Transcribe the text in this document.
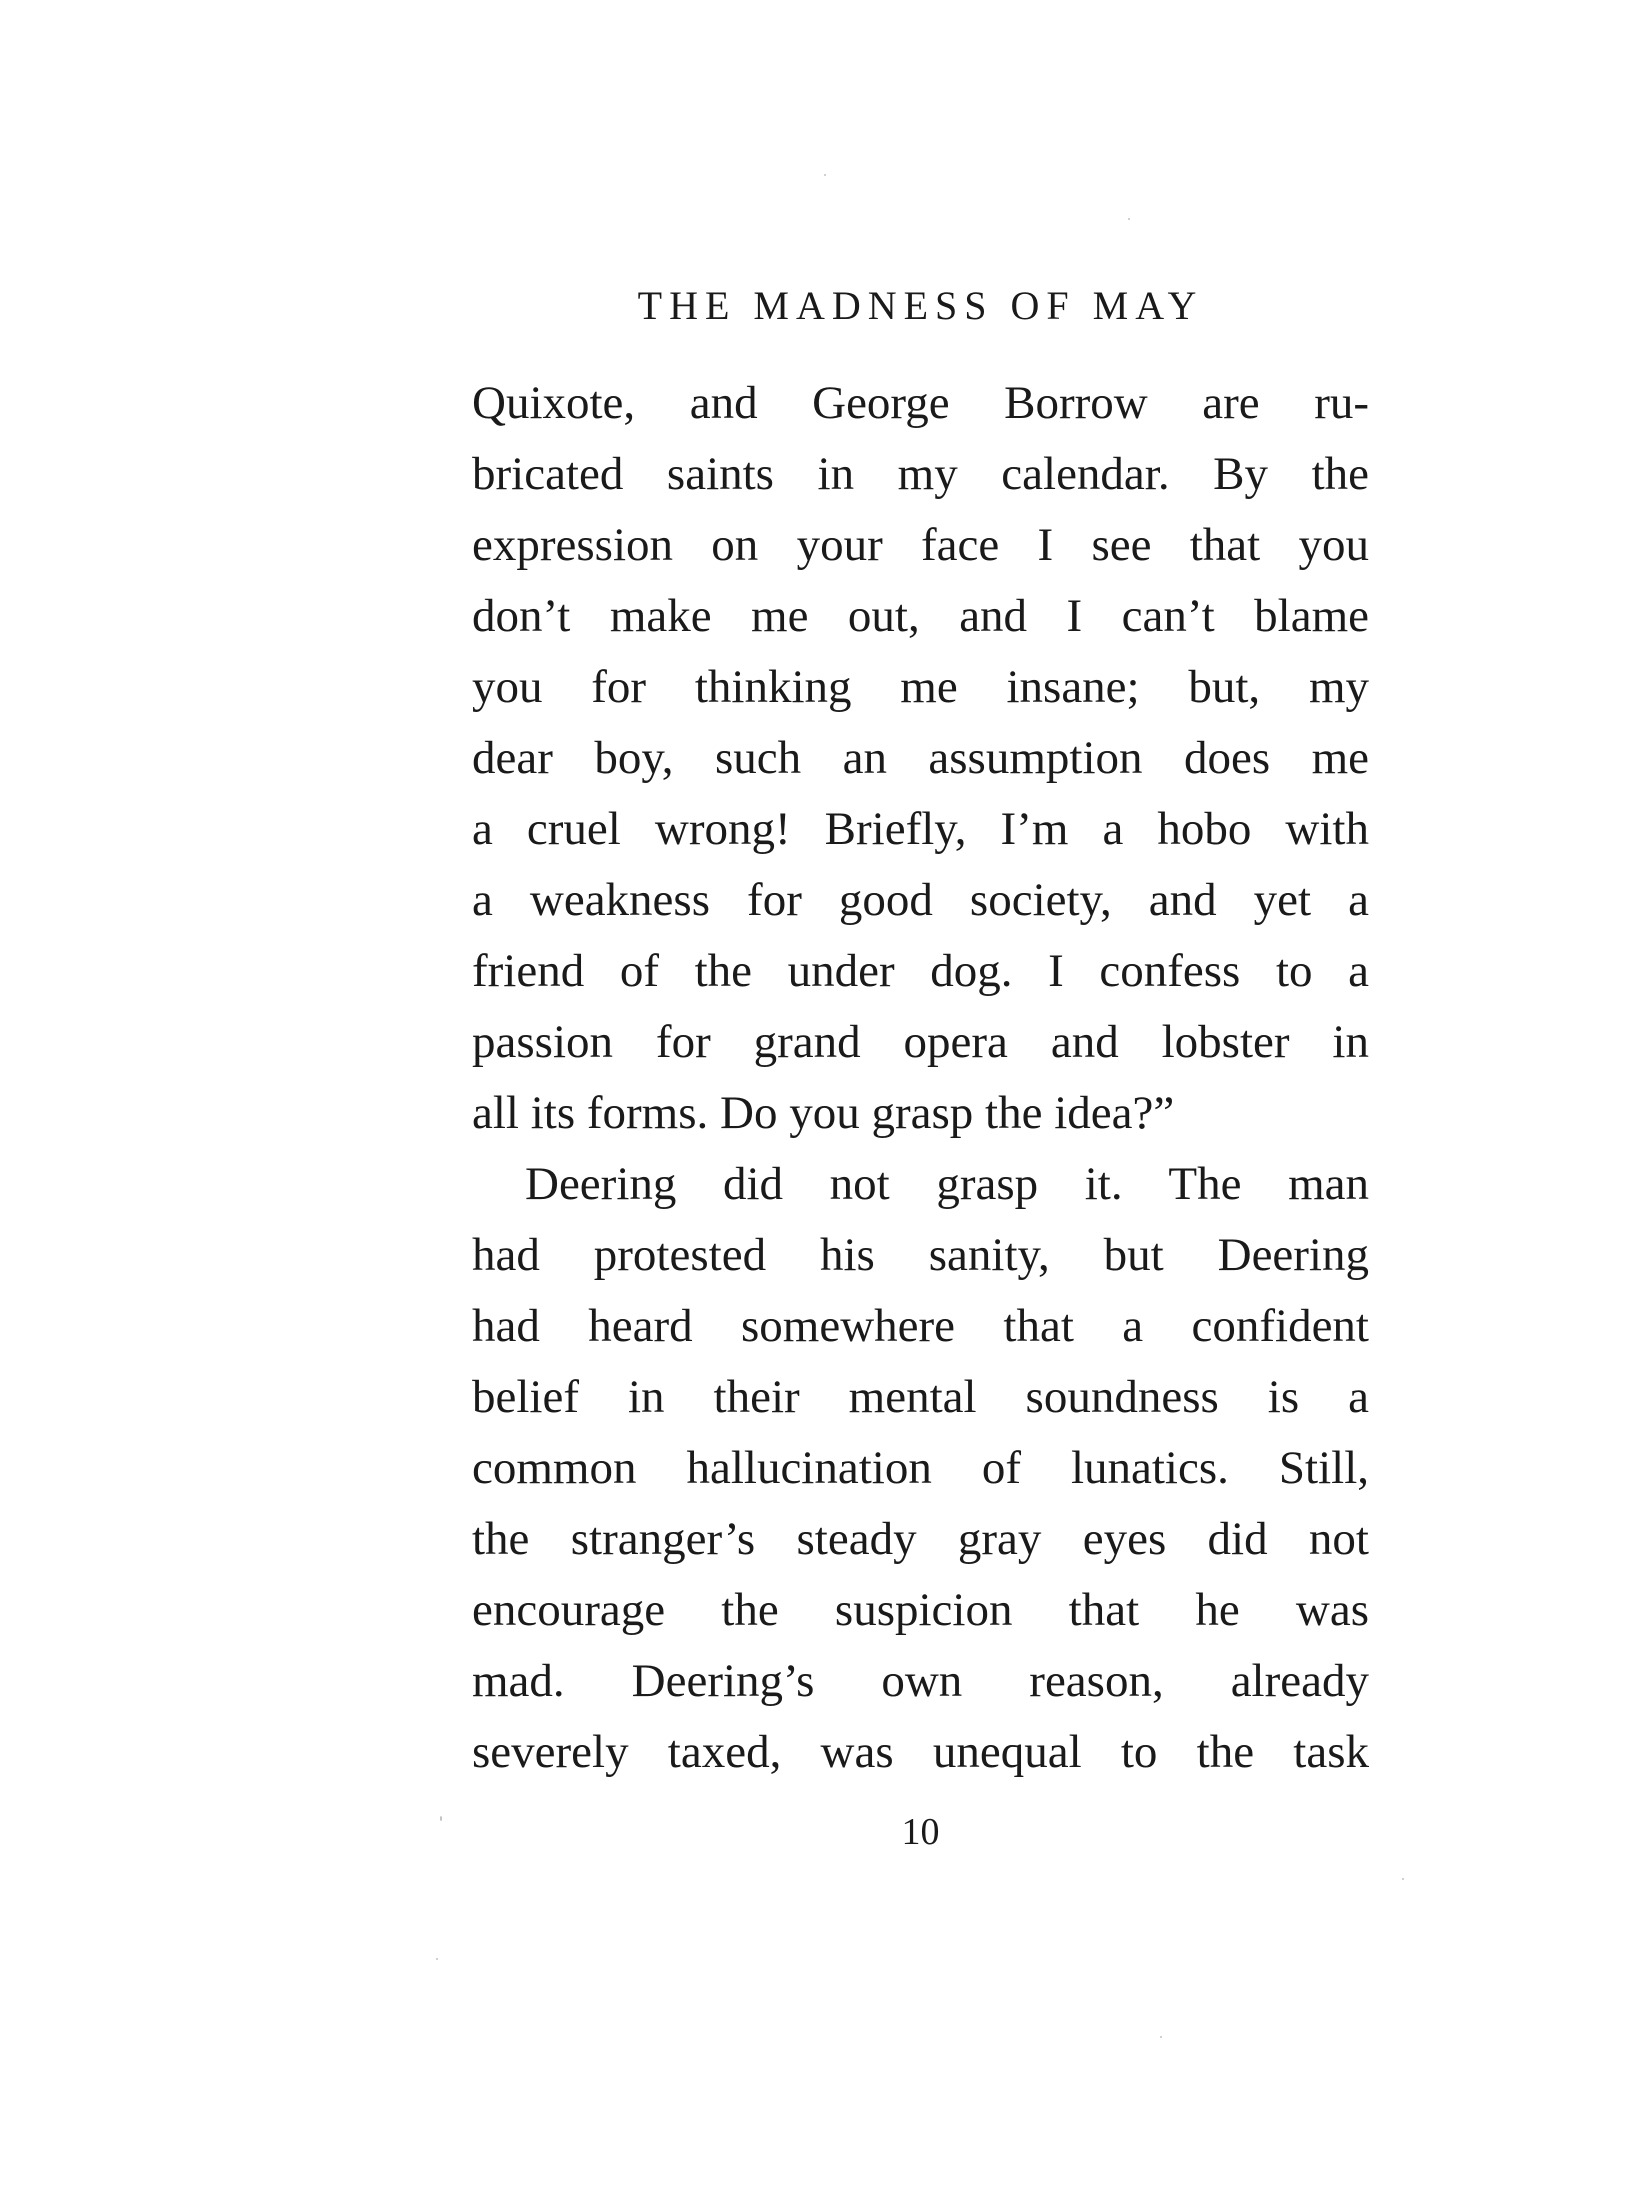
THE MADNESS OF MAY
Quixote, and George Borrow are ru-
bricated saints in my calendar. By the
expression on your face I see that you
don’t make me out, and I can’t blame
you for thinking me insane; but, my
dear boy, such an assumption does me
a cruel wrong! Briefly, I’m a hobo with
a weakness for good society, and yet a
friend of the under dog. I confess to a
passion for grand opera and lobster in
all its forms. Do you grasp the idea?”
Deering did not grasp it. The man
had protested his sanity, but Deering
had heard somewhere that a confident
belief in their mental soundness is a
common hallucination of lunatics. Still,
the stranger’s steady gray eyes did not
encourage the suspicion that he was
mad. Deering’s own reason, already
severely taxed, was unequal to the task
10
